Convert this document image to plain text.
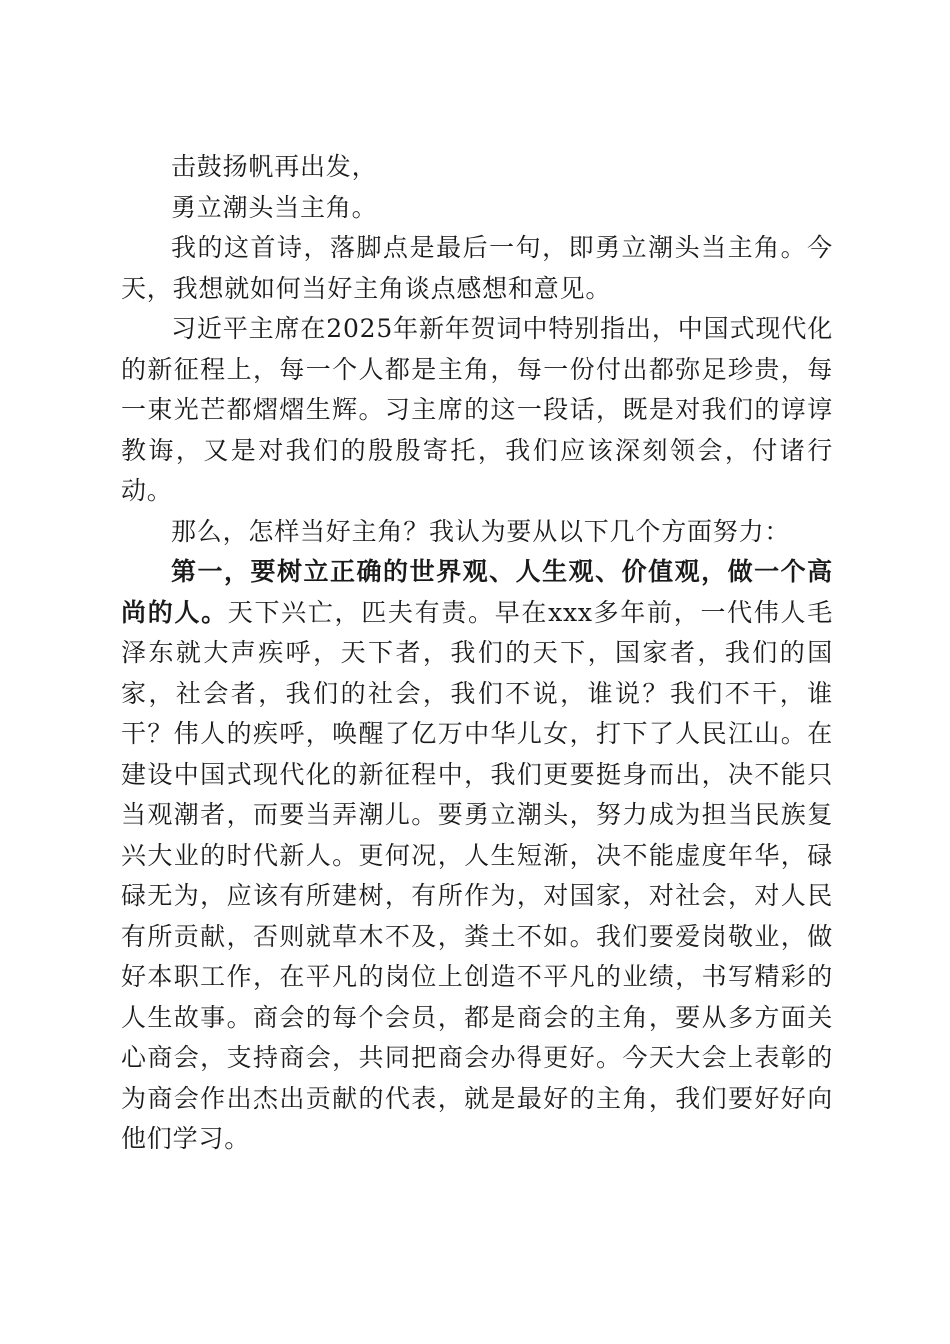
击鼓扬帆再出发，

勇立潮头当主角。

我的这首诗，落脚点是最后一句，即勇立潮头当主角。今天，我想就如何当好主角谈点感想和意见。

习近平主席在2025年新年贺词中特别指出，中国式现代化的新征程上，每一个人都是主角，每一份付出都弥足珍贵，每一束光芒都熠熠生辉。习主席的这一段话，既是对我们的谆谆教诲，又是对我们的殷殷寄托，我们应该深刻领会，付诸行动。

那么，怎样当好主角？我认为要从以下几个方面努力：

第一，要树立正确的世界观、人生观、价值观，做一个高尚的人。天下兴亡，匹夫有责。早在xxx多年前，一代伟人毛泽东就大声疾呼，天下者，我们的天下，国家者，我们的国家，社会者，我们的社会，我们不说，谁说？我们不干，谁干？伟人的疾呼，唤醒了亿万中华儿女，打下了人民江山。在建设中国式现代化的新征程中，我们更要挺身而出，决不能只当观潮者，而要当弄潮儿。要勇立潮头，努力成为担当民族复兴大业的时代新人。更何况，人生短渐，决不能虚度年华，碌碌无为，应该有所建树，有所作为，对国家，对社会，对人民有所贡献，否则就草木不及，粪土不如。我们要爱岗敬业，做好本职工作，在平凡的岗位上创造不平凡的业绩，书写精彩的人生故事。商会的每个会员，都是商会的主角，要从多方面关心商会，支持商会，共同把商会办得更好。今天大会上表彰的为商会作出杰出贡献的代表，就是最好的主角，我们要好好向他们学习。
